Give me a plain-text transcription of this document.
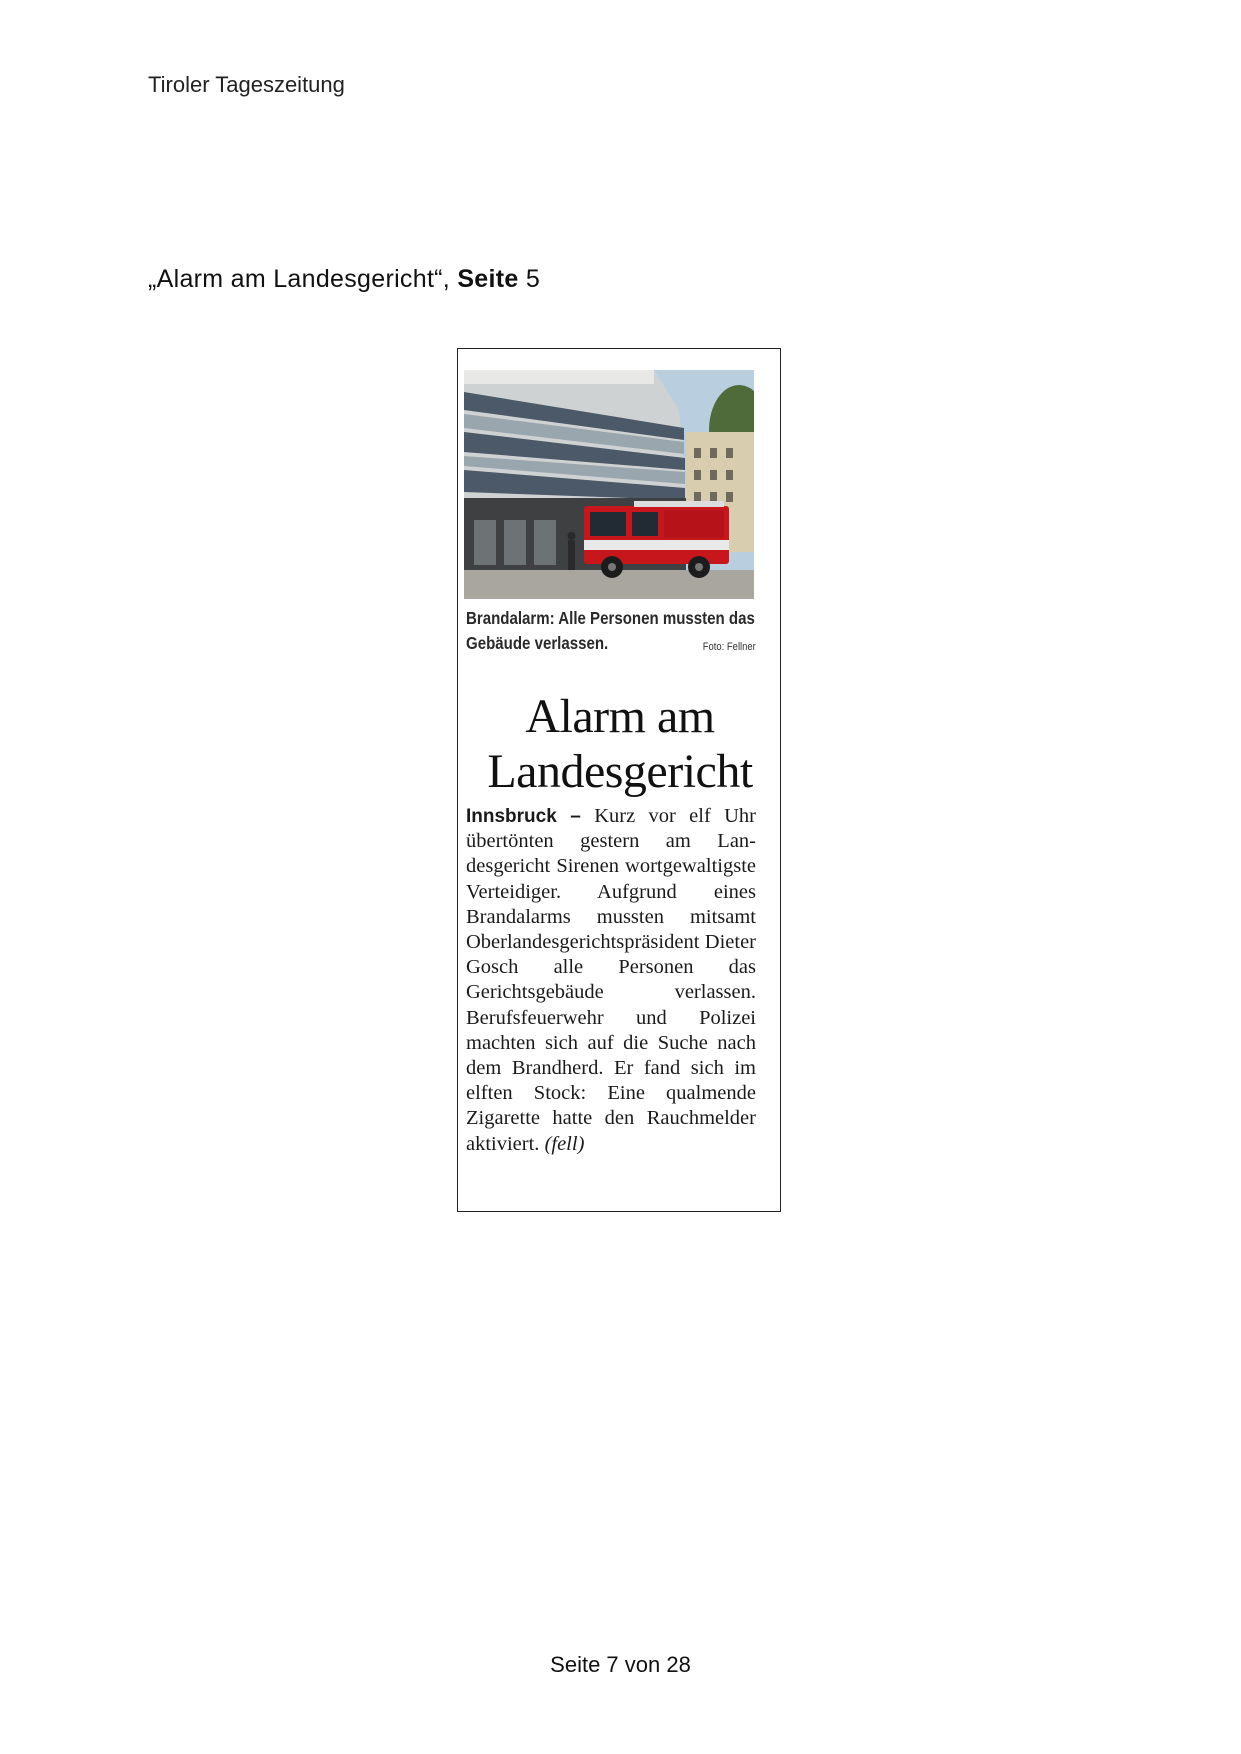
Tiroler Tageszeitung
„Alarm am Landesgericht“, Seite 5
Brandalarm: Alle Personen mussten das Gebäude verlassen.	Foto: Fellner
Alarm am
Landesgericht
Innsbruck – Kurz vor elf Uhr übertönten gestern am Landesgericht Sirenen wortgewaltigste Verteidiger. Aufgrund eines Brandalarms mussten mitsamt Oberlandesgerichtspräsident Dieter Gosch alle Personen das Gerichtsgebäude verlassen. Berufsfeuerwehr und Polizei machten sich auf die Suche nach dem Brandherd. Er fand sich im elften Stock: Eine qualmende Zigarette hatte den Rauchmelder aktiviert. (fell)
Seite 7 von 28
